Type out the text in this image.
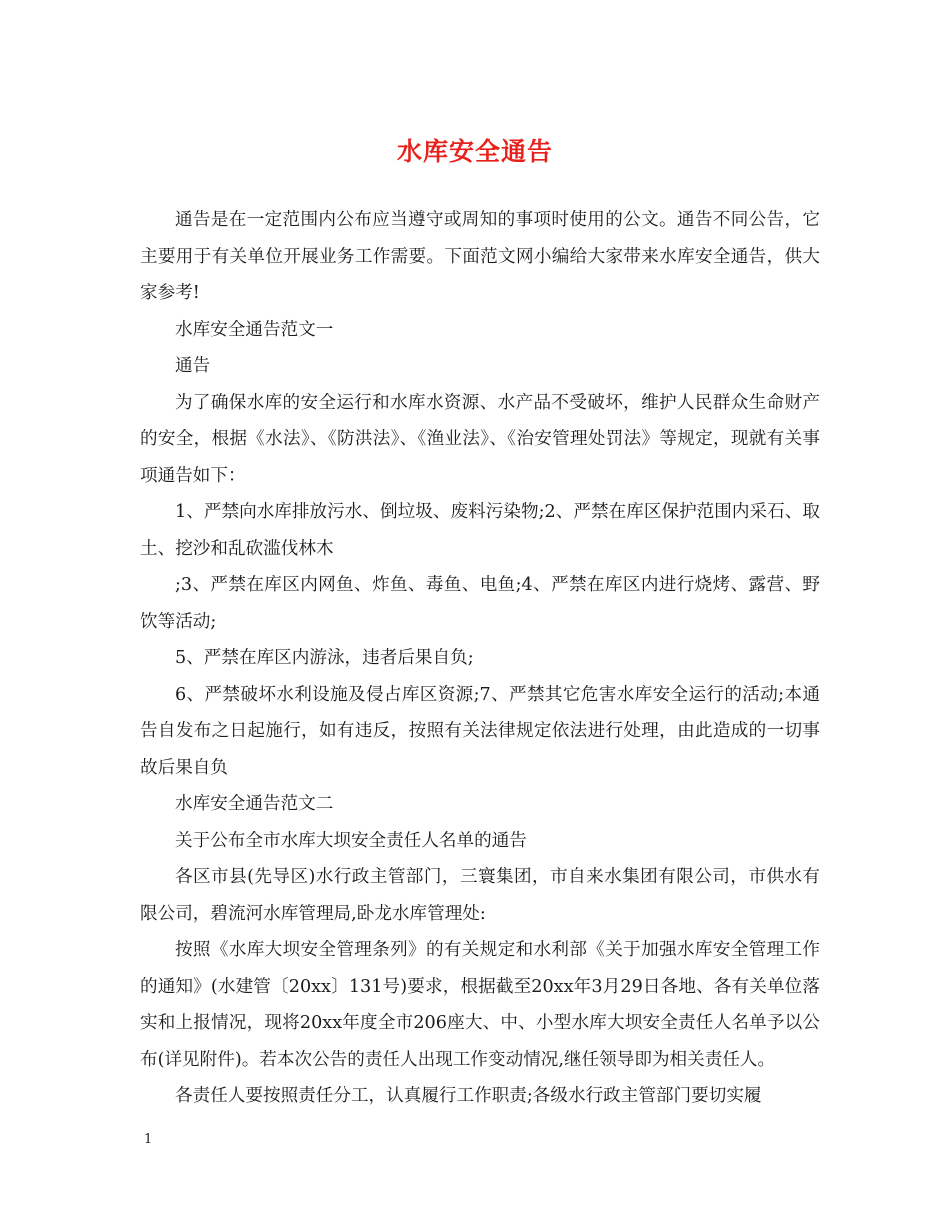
水库安全通告

通告是在一定范围内公布应当遵守或周知的事项时使用的公文。通告不同公告，它主要用于有关单位开展业务工作需要。下面范文网小编给大家带来水库安全通告，供大家参考!

水库安全通告范文一

通告

为了确保水库的安全运行和水库水资源、水产品不受破坏，维护人民群众生命财产的安全，根据《水法》、《防洪法》、《渔业法》、《治安管理处罚法》等规定，现就有关事项通告如下：

1、严禁向水库排放污水、倒垃圾、废料污染物;2、严禁在库区保护范围内采石、取土、挖沙和乱砍滥伐林木

;3、严禁在库区内网鱼、炸鱼、毒鱼、电鱼;4、严禁在库区内进行烧烤、露营、野饮等活动;

5、严禁在库区内游泳，违者后果自负;

6、严禁破坏水利设施及侵占库区资源;7、严禁其它危害水库安全运行的活动;本通告自发布之日起施行，如有违反，按照有关法律规定依法进行处理，由此造成的一切事故后果自负

水库安全通告范文二

关于公布全市水库大坝安全责任人名单的通告

各区市县(先导区)水行政主管部门，三寰集团，市自来水集团有限公司，市供水有限公司，碧流河水库管理局,卧龙水库管理处:

按照《水库大坝安全管理条列》的有关规定和水利部《关于加强水库安全管理工作的通知》(水建管〔20xx〕131号)要求，根据截至20xx年3月29日各地、各有关单位落实和上报情况，现将20xx年度全市206座大、中、小型水库大坝安全责任人名单予以公布(详见附件)。若本次公告的责任人出现工作变动情况,继任领导即为相关责任人。

各责任人要按照责任分工，认真履行工作职责;各级水行政主管部门要切实履

1
